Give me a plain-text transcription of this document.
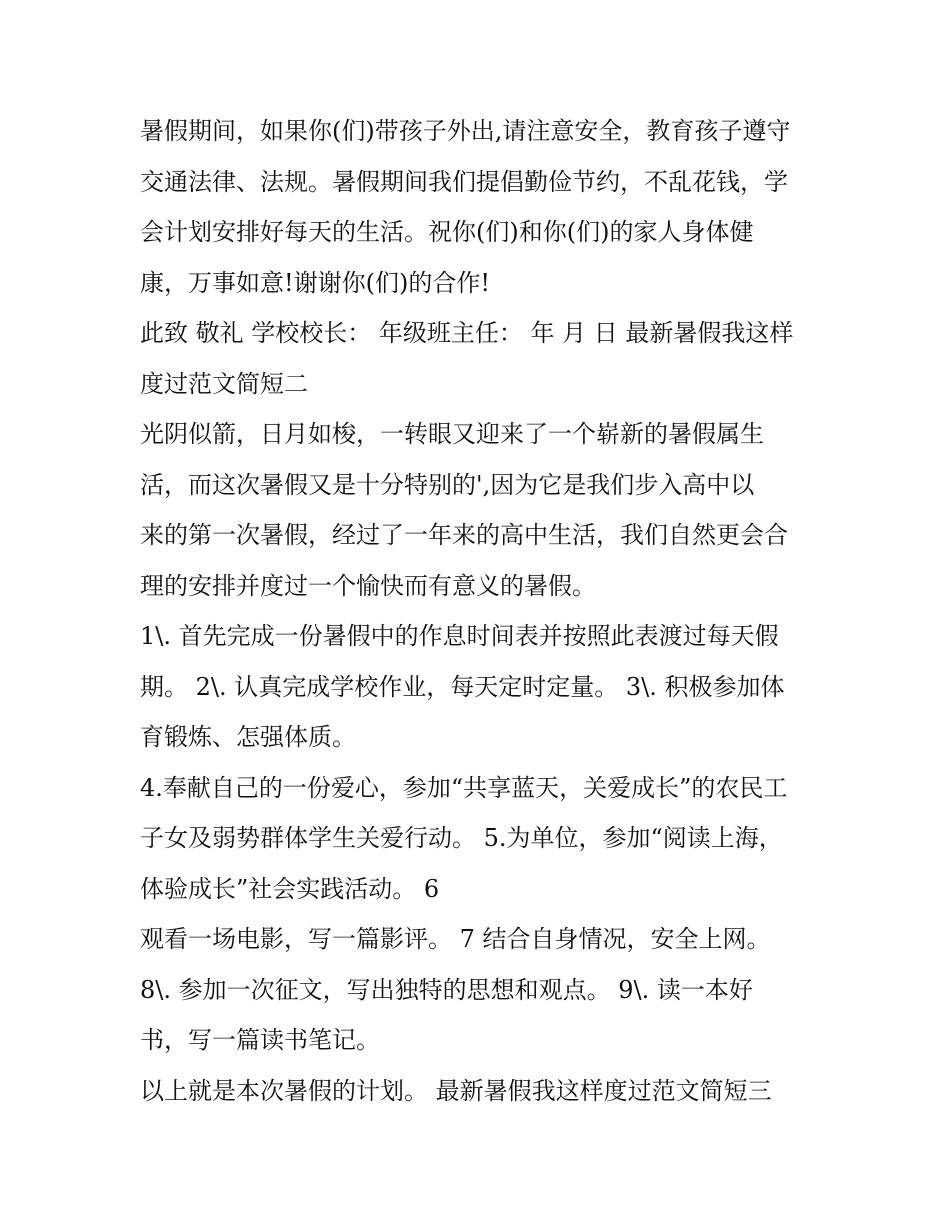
暑假期间，如果你(们)带孩子外出,请注意安全，教育孩子遵守
交通法律、法规。暑假期间我们提倡勤俭节约，不乱花钱，学
会计划安排好每天的生活。祝你(们)和你(们)的家人身体健
康，万事如意!谢谢你(们)的合作!
此致 敬礼 学校校长： 年级班主任： 年 月 日 最新暑假我这样
度过范文简短二
光阴似箭，日月如梭，一转眼又迎来了一个崭新的暑假属生
活，而这次暑假又是十分特别的',因为它是我们步入高中以
来的第一次暑假，经过了一年来的高中生活，我们自然更会合
理的安排并度过一个愉快而有意义的暑假。
1\. 首先完成一份暑假中的作息时间表并按照此表渡过每天假
期。 2\. 认真完成学校作业，每天定时定量。 3\. 积极参加体
育锻炼、怎强体质。
4.奉献自己的一份爱心，参加“共享蓝天，关爱成长”的农民工
子女及弱势群体学生关爱行动。 5.为单位，参加“阅读上海，
体验成长”社会实践活动。 6
观看一场电影，写一篇影评。 7 结合自身情况，安全上网。
8\. 参加一次征文，写出独特的思想和观点。 9\. 读一本好
书，写一篇读书笔记。
以上就是本次暑假的计划。 最新暑假我这样度过范文简短三
